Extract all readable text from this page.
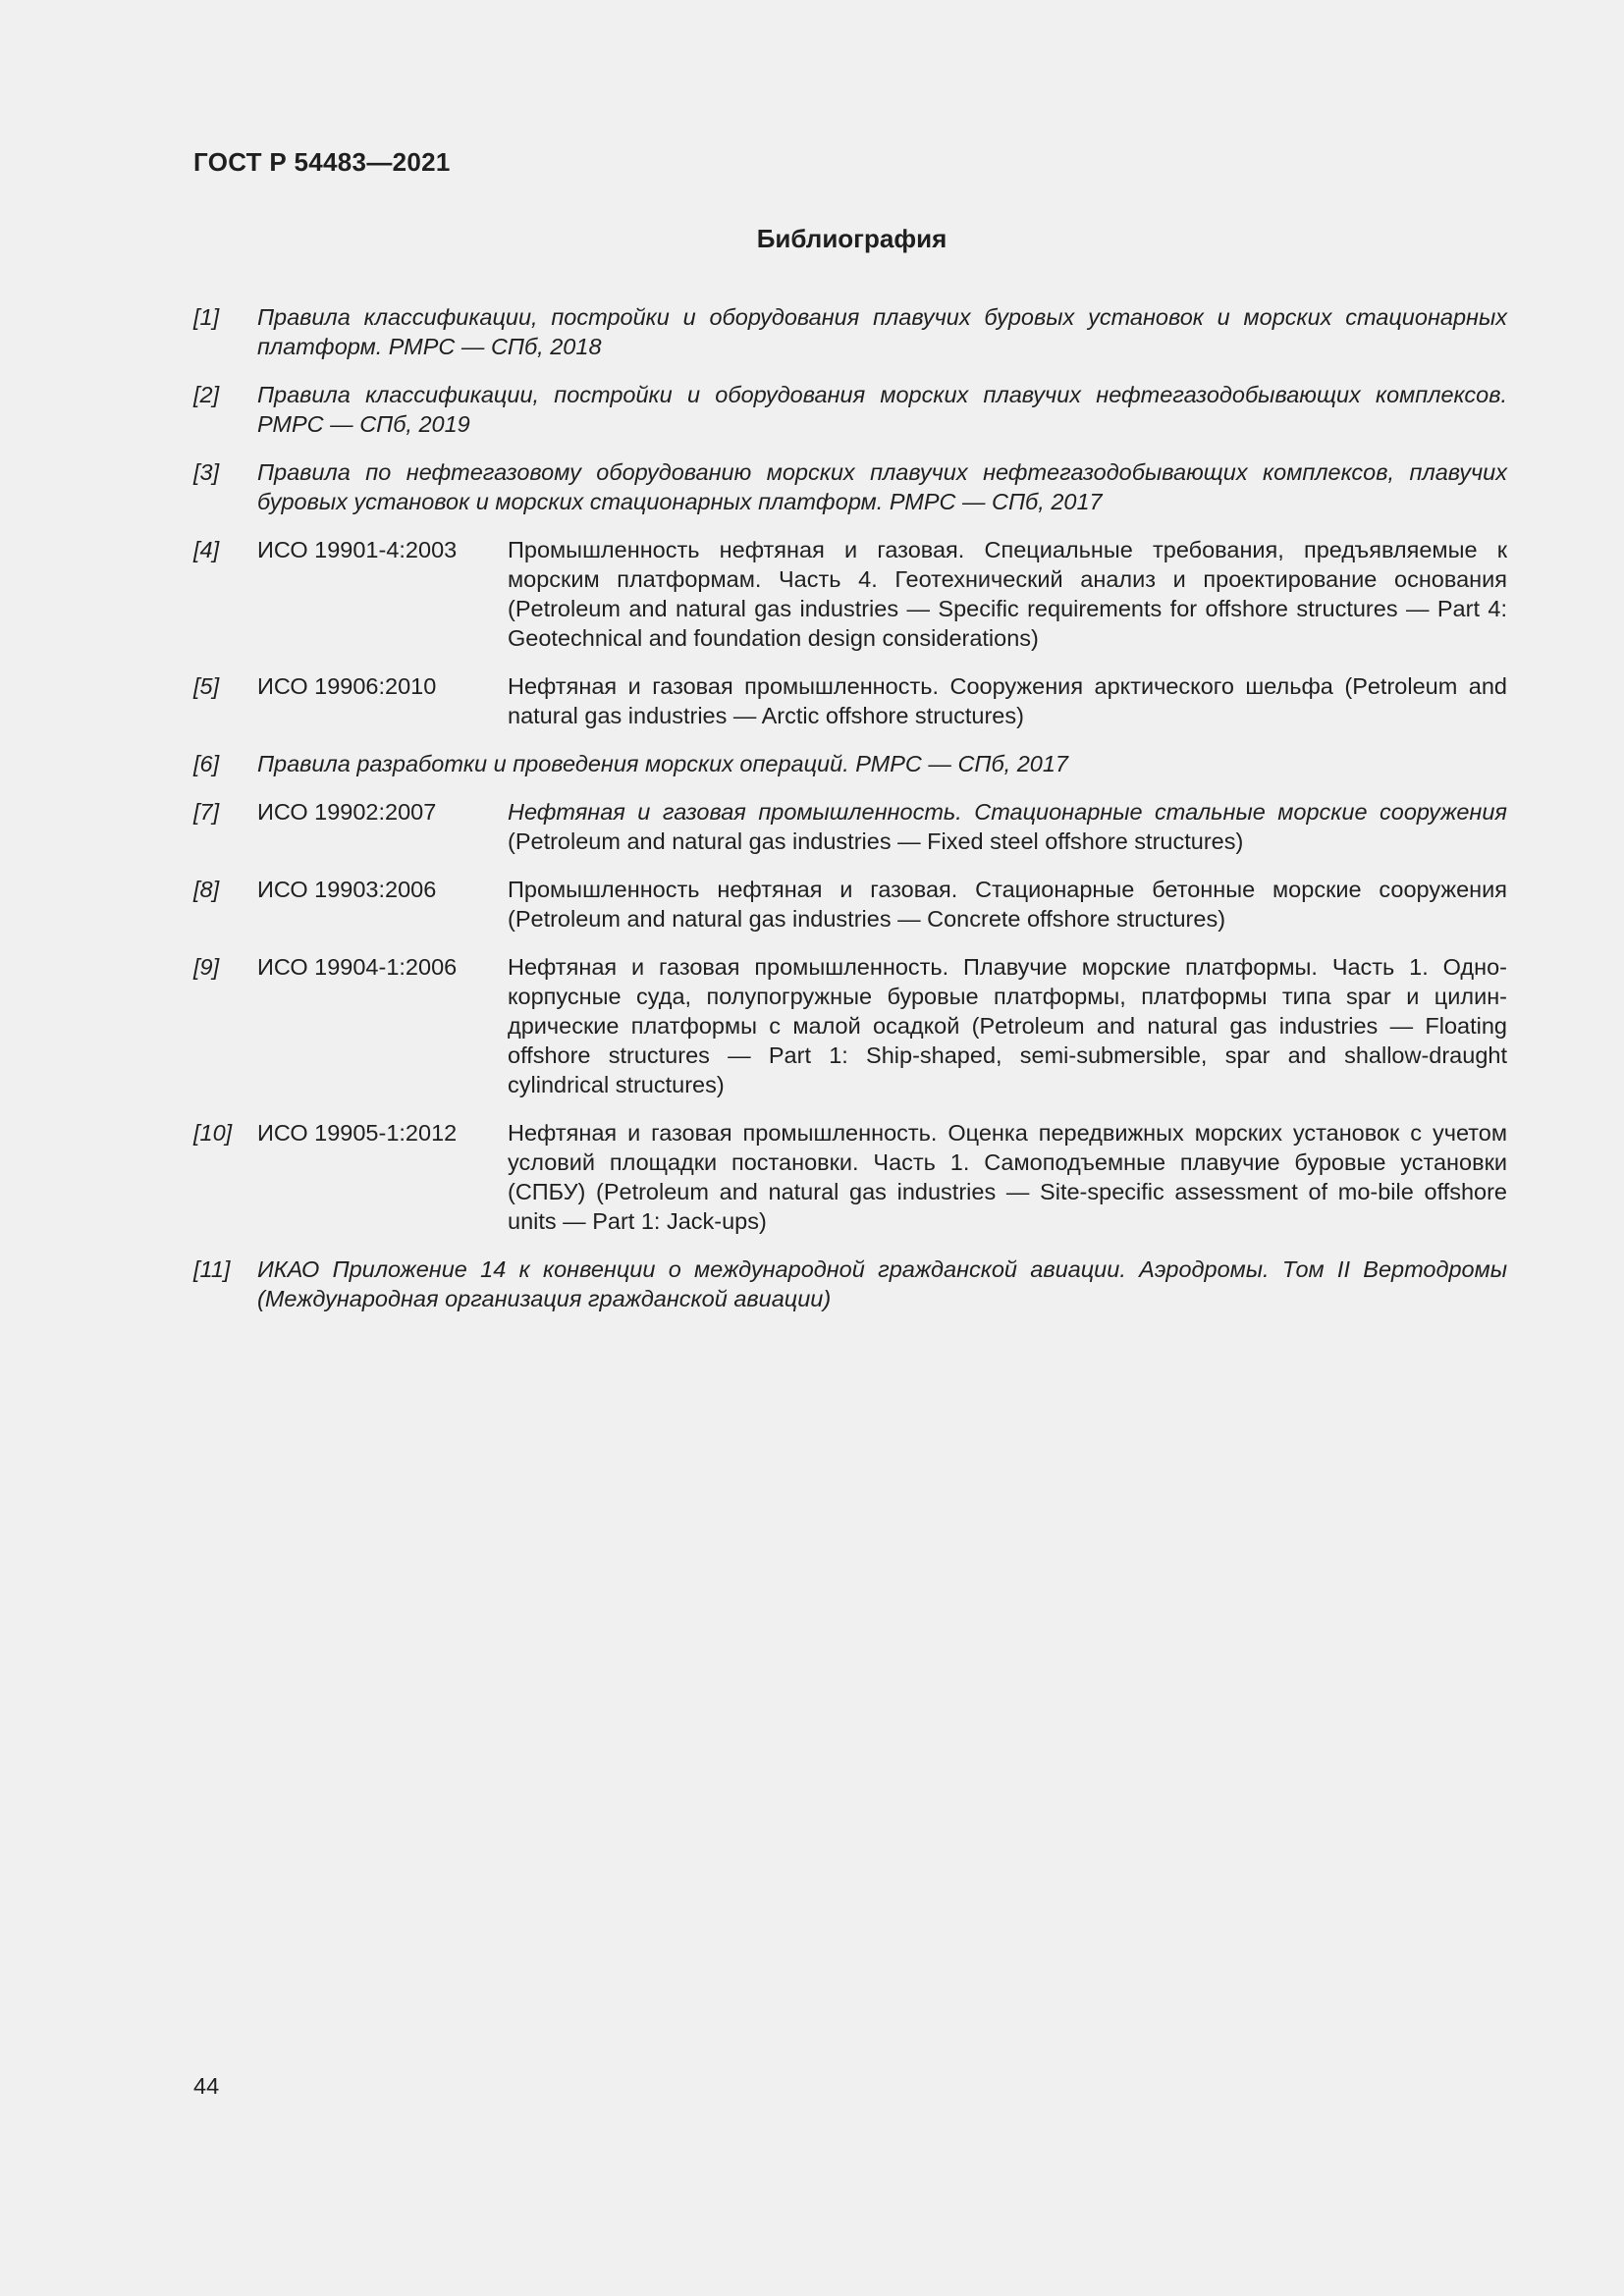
ГОСТ Р 54483—2021
Библиография
[1] Правила классификации, постройки и оборудования плавучих буровых установок и морских стационарных платформ. РМРС — СПб, 2018
[2] Правила классификации, постройки и оборудования морских плавучих нефтегазодобывающих комплексов. РМРС — СПб, 2019
[3] Правила по нефтегазовому оборудованию морских плавучих нефтегазодобывающих комплексов, плавучих буровых установок и морских стационарных платформ. РМРС — СПб, 2017
[4] ИСО 19901-4:2003 Промышленность нефтяная и газовая. Специальные требования, предъявляемые к морским платформам. Часть 4. Геотехнический анализ и проектирование основания (Petroleum and natural gas industries — Specific requirements for offshore structures — Part 4: Geotechnical and foundation design considerations)
[5] ИСО 19906:2010	Нефтяная и газовая промышленность. Сооружения арктического шельфа (Petroleum and natural gas industries — Arctic offshore structures)
[6] Правила разработки и проведения морских операций. РМРС — СПб, 2017
[7] ИСО 19902:2007	Нефтяная и газовая промышленность. Стационарные стальные морские сооружения (Petroleum and natural gas industries — Fixed steel offshore structures)
[8] ИСО 19903:2006	Промышленность нефтяная и газовая. Стационарные бетонные морские сооружения (Petroleum and natural gas industries — Concrete offshore structures)
[9] ИСО 19904-1:2006 Нефтяная и газовая промышленность. Плавучие морские платформы. Часть 1. Одно-корпусные суда, полупогружные буровые платформы, платформы типа spar и цилин-дрические платформы с малой осадкой (Petroleum and natural gas industries — Floating offshore structures — Part 1: Ship-shaped, semi-submersible, spar and shallow-draught cylindrical structures)
[10] ИСО 19905-1:2012 Нефтяная и газовая промышленность. Оценка передвижных морских установок с учетом условий площадки постановки. Часть 1. Самоподъемные плавучие буровые установки (СПБУ) (Petroleum and natural gas industries — Site-specific assessment of mo-bile offshore units — Part 1: Jack-ups)
[11] ИКАО Приложение 14 к конвенции о международной гражданской авиации. Аэродромы. Том II Вертодромы (Международная организация гражданской авиации)
44
